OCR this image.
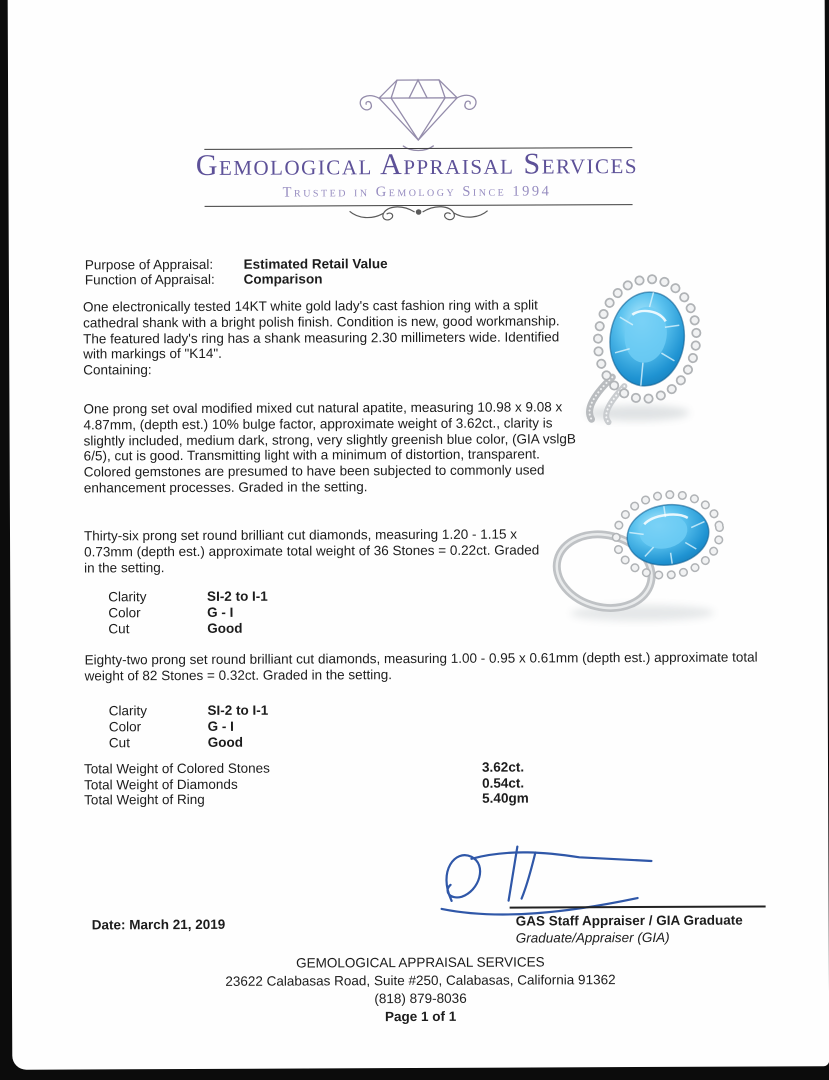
Gemological Appraisal Services
Trusted in Gemology Since 1994
Purpose of Appraisal: Estimated Retail Value
Function of Appraisal: Comparison
One electronically tested 14KT white gold lady's cast fashion ring with a split cathedral shank with a bright polish finish. Condition is new, good workmanship. The featured lady's ring has a shank measuring 2.30 millimeters wide. Identified with markings of "K14".
Containing:
One prong set oval modified mixed cut natural apatite, measuring 10.98 x 9.08 x 4.87mm, (depth est.) 10% bulge factor, approximate weight of 3.62ct., clarity is slightly included, medium dark, strong, very slightly greenish blue color, (GIA vslgB 6/5), cut is good. Transmitting light with a minimum of distortion, transparent. Colored gemstones are presumed to have been subjected to commonly used enhancement processes. Graded in the setting.
Thirty-six prong set round brilliant cut diamonds, measuring 1.20 - 1.15 x 0.73mm (depth est.) approximate total weight of 36 Stones = 0.22ct. Graded in the setting.
Clarity	SI-2 to I-1
Color	G - I
Cut	Good
Eighty-two prong set round brilliant cut diamonds, measuring 1.00 - 0.95 x 0.61mm (depth est.) approximate total weight of 82 Stones = 0.32ct. Graded in the setting.
Clarity	SI-2 to I-1
Color	G - I
Cut	Good
Total Weight of Colored Stones	3.62ct.
Total Weight of Diamonds	0.54ct.
Total Weight of Ring	5.40gm
Date: March 21, 2019	GAS Staff Appraiser / GIA Graduate
Graduate/Appraiser (GIA)
GEMOLOGICAL APPRAISAL SERVICES
23622 Calabasas Road, Suite #250, Calabasas, California 91362
(818) 879-8036
Page 1 of 1
